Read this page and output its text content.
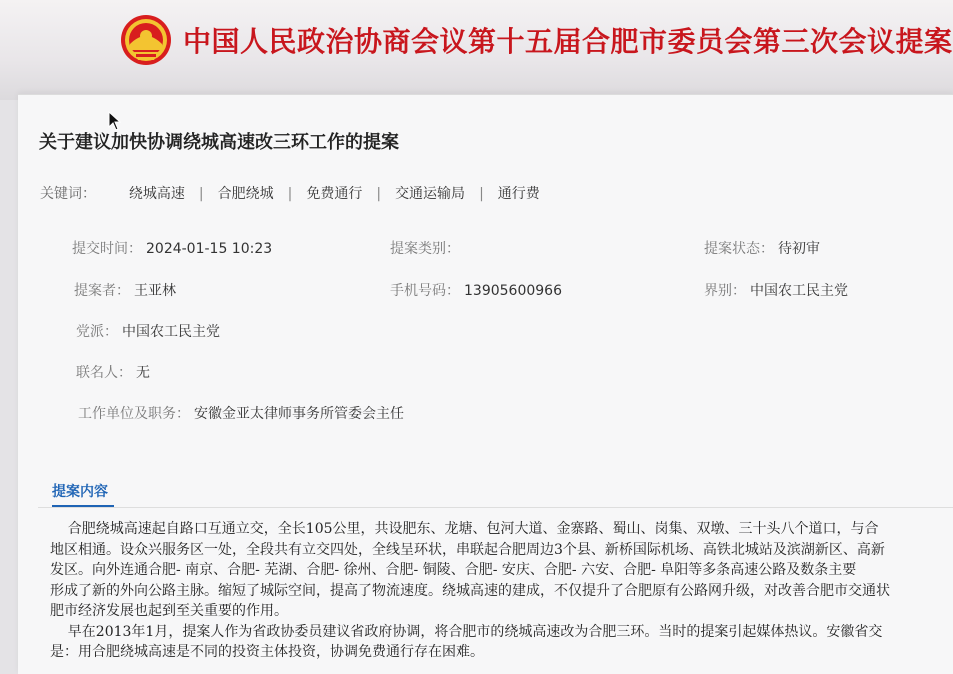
中国人民政治协商会议第十五届合肥市委员会第三次会议提案
关于建议加快协调绕城高速改三环工作的提案
关键词： 绕城高速 | 合肥绕城 | 免费通行 | 交通运输局 | 通行费
提交时间： 2024-01-15 10:23	提案类别：	提案状态： 待初审
提案者： 王亚林	手机号码： 13905600966	界别： 中国农工民主党
党派： 中国农工民主党
联名人： 无
工作单位及职务： 安徽金亚太律师事务所管委会主任
提案内容

合肥绕城高速起自路口互通立交，全长105公里，共设肥东、龙塘、包河大道、金寨路、蜀山、岗集、双墩、三十头八个道口，与合

地区相通。设众兴服务区一处，全段共有立交四处，全线呈环状，串联起合肥周边3个县、新桥国际机场、高铁北城站及滨湖新区、高新

发区。向外连通合肥- 南京、合肥- 芜湖、合肥- 徐州、合肥- 铜陵、合肥- 安庆、合肥- 六安、合肥- 阜阳等多条高速公路及数条主要

形成了新的外向公路主脉。缩短了城际空间，提高了物流速度。绕城高速的建成，不仅提升了合肥原有公路网升级，对改善合肥市交通状

肥市经济发展也起到至关重要的作用。

早在2013年1月，提案人作为省政协委员建议省政府协调，将合肥市的绕城高速改为合肥三环。当时的提案引起媒体热议。安徽省交

是：用合肥绕城高速是不同的投资主体投资，协调免费通行存在困难。
